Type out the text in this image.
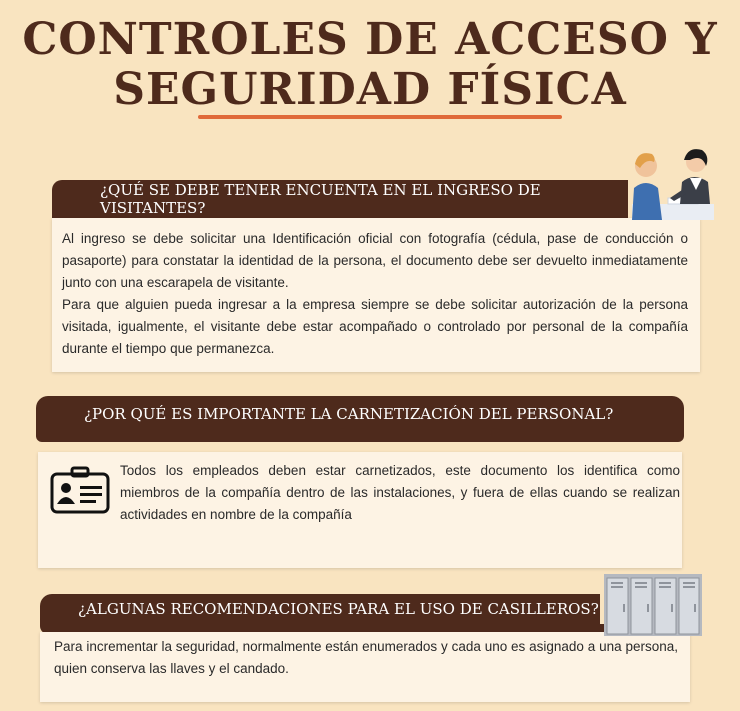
CONTROLES DE ACCESO Y
SEGURIDAD FÍSICA
¿QUÉ SE DEBE TENER ENCUENTA EN EL INGRESO DE VISITANTES?

Al ingreso se debe solicitar una Identificación oficial con fotografía (cédula, pase de conducción o pasaporte) para constatar la identidad de la persona, el documento debe ser devuelto inmediatamente junto con una escarapela de visitante.

Para que alguien pueda ingresar a la empresa siempre se debe solicitar autorización de la persona visitada, igualmente, el visitante debe estar acompañado o controlado por personal de la compañía durante el tiempo que permanezca.

¿POR QUÉ ES IMPORTANTE LA CARNETIZACIÓN DEL PERSONAL?

Todos los empleados deben estar carnetizados, este documento los identifica como miembros de la compañía dentro de las instalaciones, y fuera de ellas cuando se realizan actividades en nombre de la compañía

¿ALGUNAS RECOMENDACIONES PARA EL USO DE CASILLEROS?

Para incrementar la seguridad, normalmente están enumerados y cada uno es asignado a una persona, quien conserva las llaves y el candado.
